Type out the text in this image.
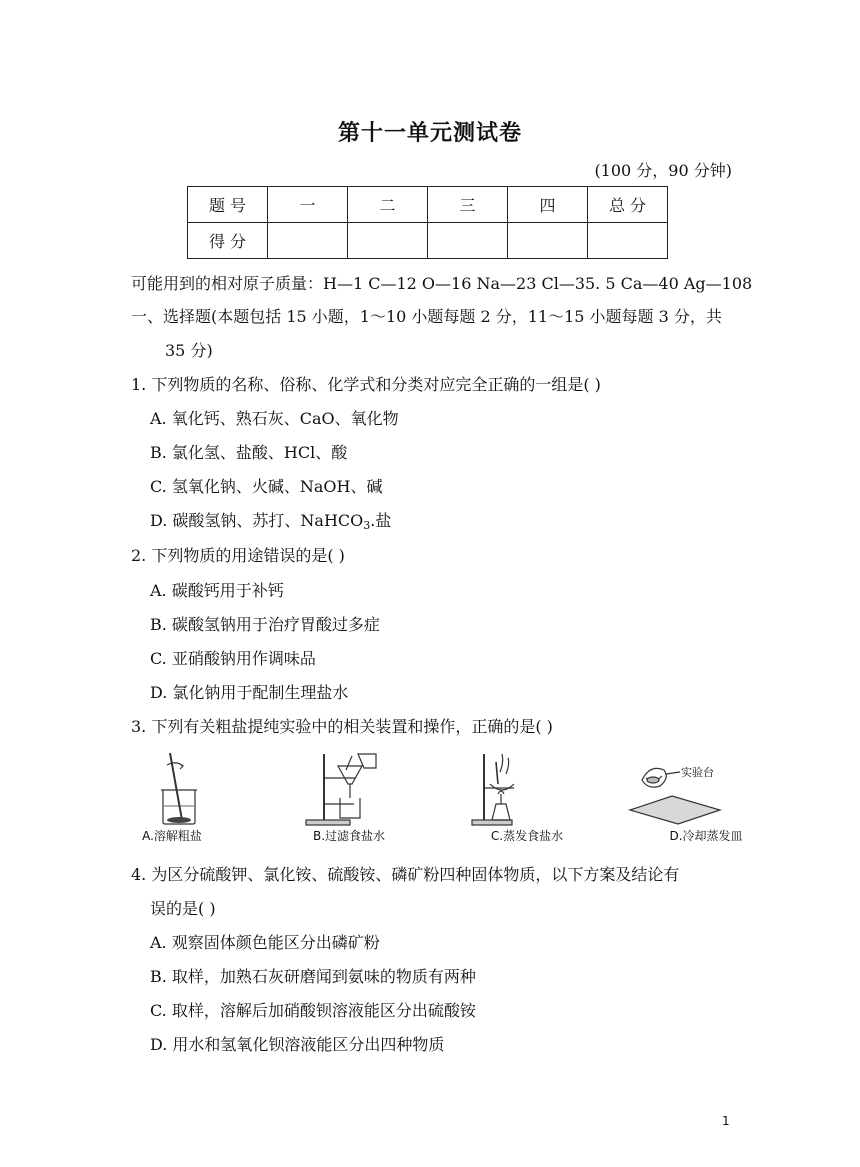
第十一单元测试卷
(100 分，90 分钟)
题 号	一	二	三	四	总 分
得 分					
可能用到的相对原子质量：H—1 C—12 O—16 Na—23 Cl—35. 5 Ca—40 Ag—108
一、选择题(本题包括 15 小题，1～10 小题每题 2 分，11～15 小题每题 3 分，共
35 分)
1. 下列物质的名称、俗称、化学式和分类对应完全正确的一组是( )
A. 氧化钙、熟石灰、CaO、氧化物
B. 氯化氢、盐酸、HCl、酸
C. 氢氧化钠、火碱、NaOH、碱
D. 碳酸氢钠、苏打、NaHCO$_3$.盐
2. 下列物质的用途错误的是( )
A. 碳酸钙用于补钙
B. 碳酸氢钠用于治疗胃酸过多症
C. 亚硝酸钠用作调味品
D. 氯化钠用于配制生理盐水
3. 下列有关粗盐提纯实验中的相关装置和操作，正确的是( )
A.溶解粗盐	B.过滤食盐水	C.蒸发食盐水
实验台
D.冷却蒸发皿
4. 为区分硫酸钾、氯化铵、硫酸铵、磷矿粉四种固体物质，以下方案及结论有
误的是( )
A. 观察固体颜色能区分出磷矿粉
B. 取样，加熟石灰研磨闻到氨味的物质有两种
C. 取样，溶解后加硝酸钡溶液能区分出硫酸铵
D. 用水和氢氧化钡溶液能区分出四种物质
1
